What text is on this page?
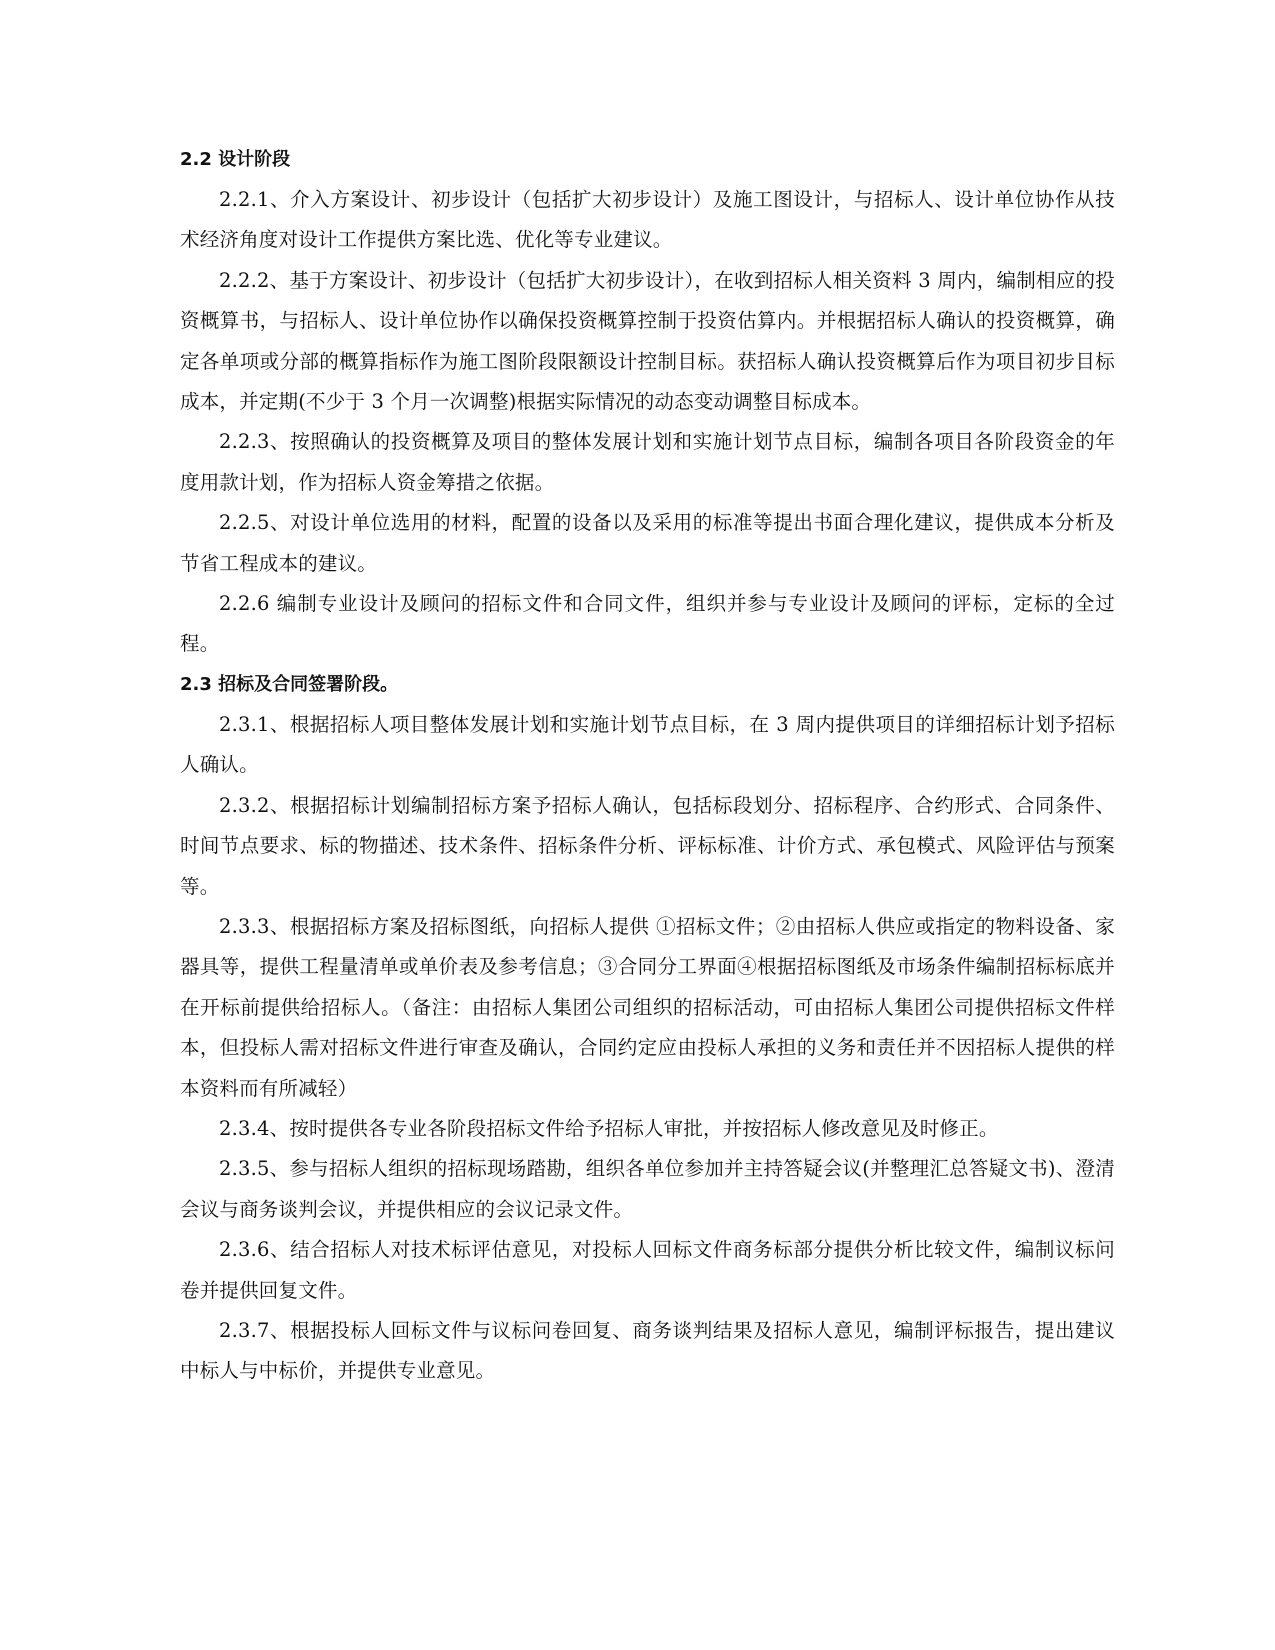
2.2 设计阶段

2.2.1、介入方案设计、初步设计（包括扩大初步设计）及施工图设计，与招标人、设计单位协作从技术经济角度对设计工作提供方案比选、优化等专业建议。

2.2.2、基于方案设计、初步设计（包括扩大初步设计），在收到招标人相关资料 3 周内，编制相应的投资概算书，与招标人、设计单位协作以确保投资概算控制于投资估算内。并根据招标人确认的投资概算，确定各单项或分部的概算指标作为施工图阶段限额设计控制目标。获招标人确认投资概算后作为项目初步目标成本，并定期(不少于 3 个月一次调整)根据实际情况的动态变动调整目标成本。

2.2.3、按照确认的投资概算及项目的整体发展计划和实施计划节点目标，编制各项目各阶段资金的年度用款计划，作为招标人资金筹措之依据。

2.2.5、对设计单位选用的材料，配置的设备以及采用的标准等提出书面合理化建议，提供成本分析及节省工程成本的建议。

2.2.6 编制专业设计及顾问的招标文件和合同文件，组织并参与专业设计及顾问的评标，定标的全过程。

2.3 招标及合同签署阶段。

2.3.1、根据招标人项目整体发展计划和实施计划节点目标，在 3 周内提供项目的详细招标计划予招标人确认。

2.3.2、根据招标计划编制招标方案予招标人确认，包括标段划分、招标程序、合约形式、合同条件、时间节点要求、标的物描述、技术条件、招标条件分析、评标标准、计价方式、承包模式、风险评估与预案等。

2.3.3、根据招标方案及招标图纸，向招标人提供 ①招标文件；②由招标人供应或指定的物料设备、家器具等，提供工程量清单或单价表及参考信息；③合同分工界面④根据招标图纸及市场条件编制招标标底并在开标前提供给招标人。（备注：由招标人集团公司组织的招标活动，可由招标人集团公司提供招标文件样本，但投标人需对招标文件进行审查及确认，合同约定应由投标人承担的义务和责任并不因招标人提供的样本资料而有所减轻）

2.3.4、按时提供各专业各阶段招标文件给予招标人审批，并按招标人修改意见及时修正。

2.3.5、参与招标人组织的招标现场踏勘，组织各单位参加并主持答疑会议(并整理汇总答疑文书)、澄清会议与商务谈判会议，并提供相应的会议记录文件。

2.3.6、结合招标人对技术标评估意见，对投标人回标文件商务标部分提供分析比较文件，编制议标问卷并提供回复文件。

2.3.7、根据投标人回标文件与议标问卷回复、商务谈判结果及招标人意见，编制评标报告，提出建议中标人与中标价，并提供专业意见。
